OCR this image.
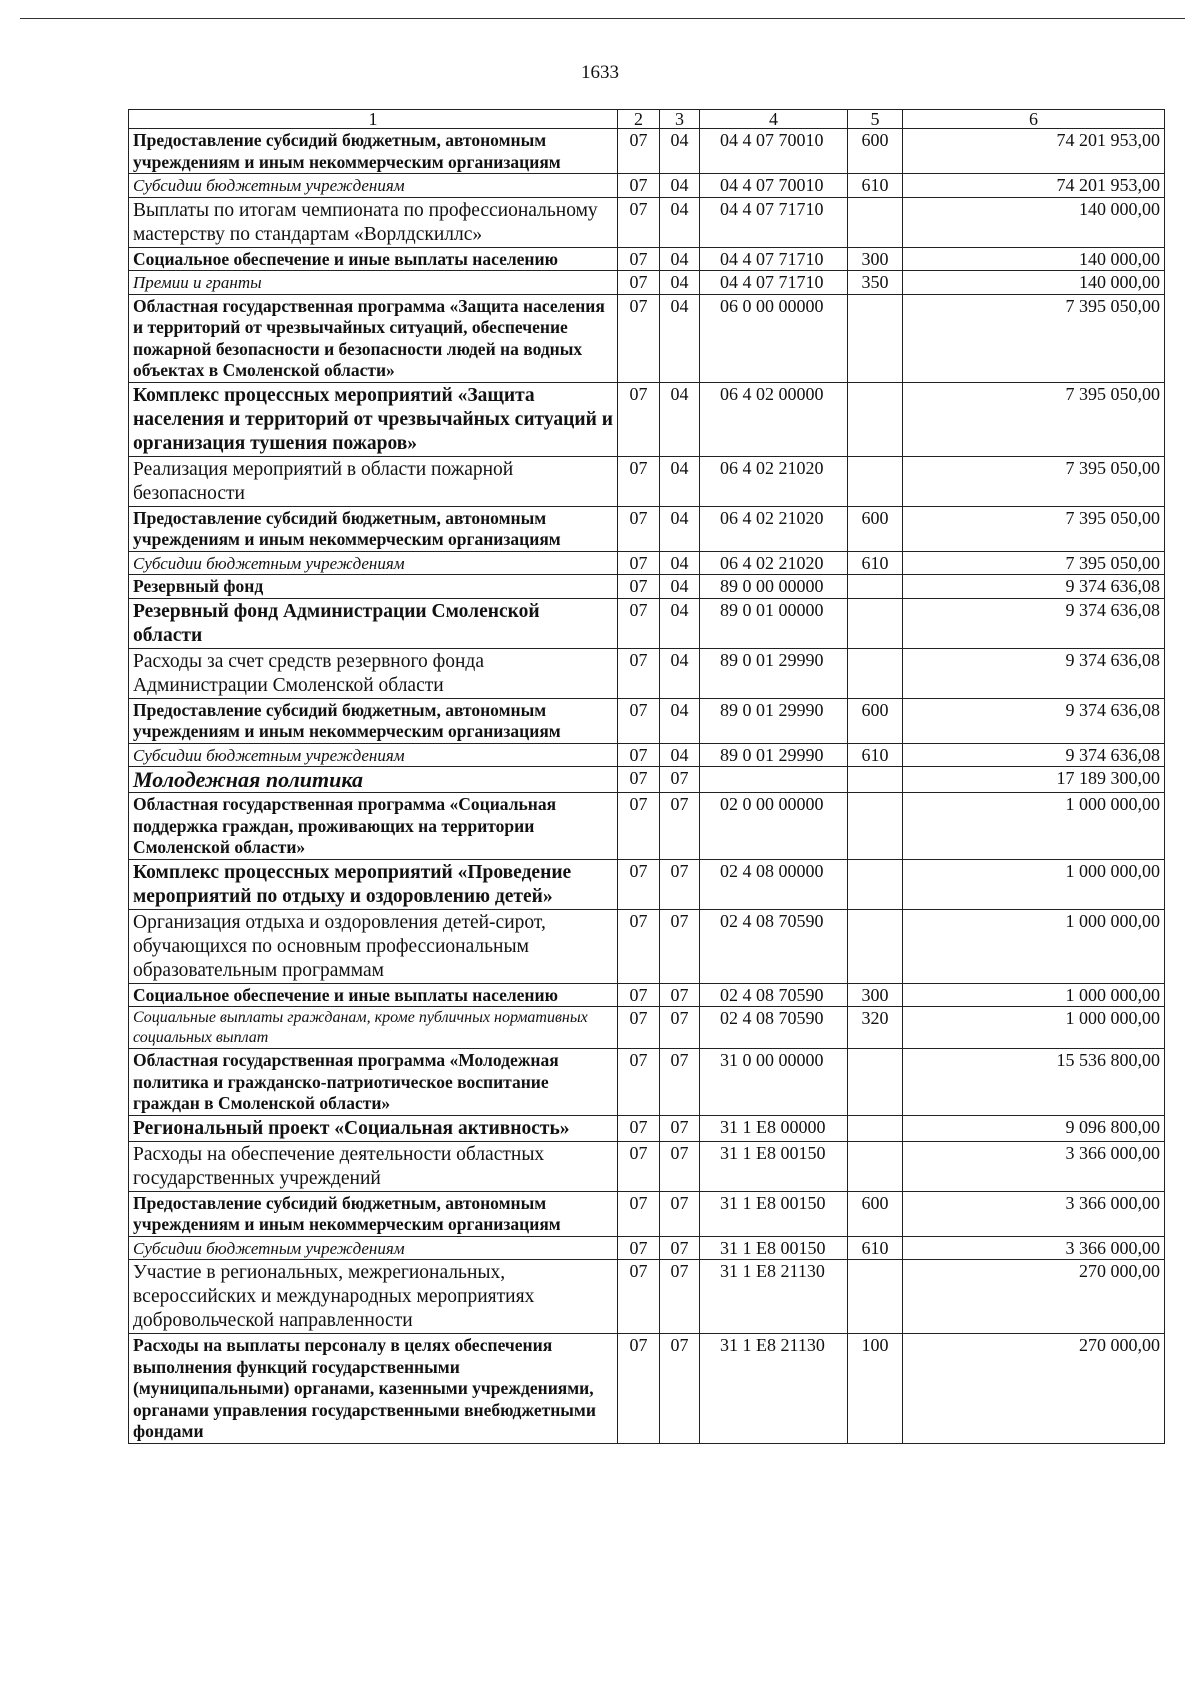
1633
1	2	3	4	5	6
Предоставление субсидий бюджетным, автономным учреждениям и иным некоммерческим организациям	07	04	04 4 07 70010	600	74 201 953,00
Субсидии бюджетным учреждениям	07	04	04 4 07 70010	610	74 201 953,00
Выплаты по итогам чемпионата по профессиональному мастерству по стандартам «Ворлдскиллс»	07	04	04 4 07 71710		140 000,00
Социальное обеспечение и иные выплаты населению	07	04	04 4 07 71710	300	140 000,00
Премии и гранты	07	04	04 4 07 71710	350	140 000,00
Областная государственная программа «Защита населения и территорий от чрезвычайных ситуаций, обеспечение пожарной безопасности и безопасности людей на водных объектах в Смоленской области»	07	04	06 0 00 00000		7 395 050,00
Комплекс процессных мероприятий «Защита населения и территорий от чрезвычайных ситуаций и организация тушения пожаров»	07	04	06 4 02 00000		7 395 050,00
Реализация мероприятий в области пожарной безопасности	07	04	06 4 02 21020		7 395 050,00
Предоставление субсидий бюджетным, автономным учреждениям и иным некоммерческим организациям	07	04	06 4 02 21020	600	7 395 050,00
Субсидии бюджетным учреждениям	07	04	06 4 02 21020	610	7 395 050,00
Резервный фонд	07	04	89 0 00 00000		9 374 636,08
Резервный фонд Администрации Смоленской области	07	04	89 0 01 00000		9 374 636,08
Расходы за счет средств резервного фонда Администрации Смоленской области	07	04	89 0 01 29990		9 374 636,08
Предоставление субсидий бюджетным, автономным учреждениям и иным некоммерческим организациям	07	04	89 0 01 29990	600	9 374 636,08
Субсидии бюджетным учреждениям	07	04	89 0 01 29990	610	9 374 636,08
Молодежная политика	07	07			17 189 300,00
Областная государственная программа «Социальная поддержка граждан, проживающих на территории Смоленской области»	07	07	02 0 00 00000		1 000 000,00
Комплекс процессных мероприятий «Проведение мероприятий по отдыху и оздоровлению детей»	07	07	02 4 08 00000		1 000 000,00
Организация отдыха и оздоровления детей-сирот, обучающихся по основным профессиональным образовательным программам	07	07	02 4 08 70590		1 000 000,00
Социальное обеспечение и иные выплаты населению	07	07	02 4 08 70590	300	1 000 000,00
Социальные выплаты гражданам, кроме публичных нормативных социальных выплат	07	07	02 4 08 70590	320	1 000 000,00
Областная государственная программа «Молодежная политика и гражданско-патриотическое воспитание граждан в Смоленской области»	07	07	31 0 00 00000		15 536 800,00
Региональный проект «Социальная активность»	07	07	31 1 E8 00000		9 096 800,00
Расходы на обеспечение деятельности областных государственных учреждений	07	07	31 1 E8 00150		3 366 000,00
Предоставление субсидий бюджетным, автономным учреждениям и иным некоммерческим организациям	07	07	31 1 E8 00150	600	3 366 000,00
Субсидии бюджетным учреждениям	07	07	31 1 E8 00150	610	3 366 000,00
Участие в региональных, межрегиональных, всероссийских и международных мероприятиях добровольческой направленности	07	07	31 1 E8 21130		270 000,00
Расходы на выплаты персоналу в целях обеспечения выполнения функций государственными (муниципальными) органами, казенными учреждениями, органами управления государственными внебюджетными фондами	07	07	31 1 E8 21130	100	270 000,00
